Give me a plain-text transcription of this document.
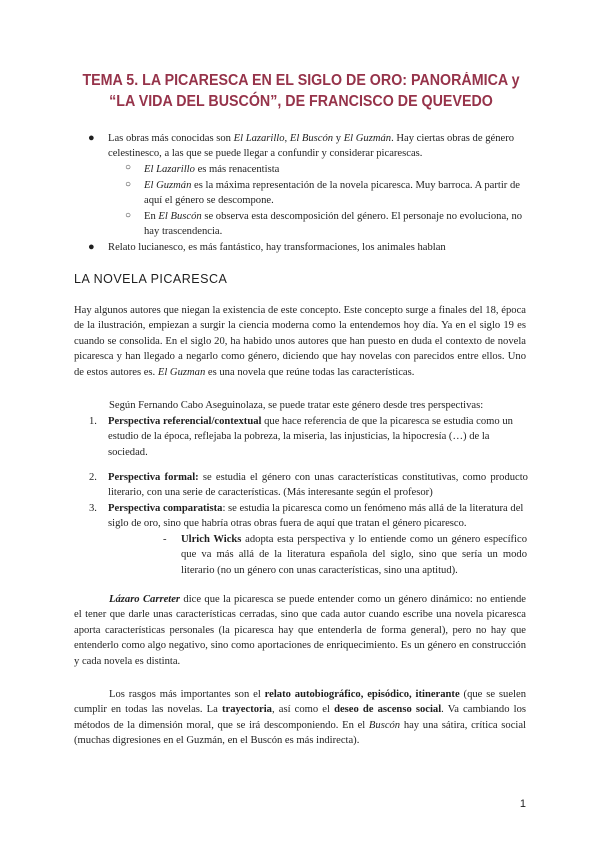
TEMA 5. LA PICARESCA EN EL SIGLO DE ORO: PANORÁMICA y “LA VIDA DEL BUSCÓN”, DE FRANCISCO DE QUEVEDO
● Las obras más conocidas son El Lazarillo, El Buscón y El Guzmán. Hay ciertas obras de género celestinesco, a las que se puede llegar a confundir y considerar picarescas.
○ El Lazarillo es más renacentista
○ El Guzmán es la máxima representación de la novela picaresca. Muy barroca. A partir de aquí el género se descompone.
○ En El Buscón se observa esta descomposición del género. El personaje no evoluciona, no hay trascendencia.
● Relato lucianesco, es más fantástico, hay transformaciones, los animales hablan
LA NOVELA PICARESCA
Hay algunos autores que niegan la existencia de este concepto. Este concepto surge a finales del 18, época de la ilustración, empiezan a surgir la ciencia moderna como la entendemos hoy día. Ya en el siglo 19 es cuando se consolida. En el siglo 20, ha habido unos autores que han puesto en duda el contexto de novela picaresca y han llegado a negarlo como género, diciendo que hay novelas con parecidos entre ellos. Uno de estos autores es. El Guzman es una novela que reúne todas las características.
Según Fernando Cabo Aseguinolaza, se puede tratar este género desde tres perspectivas:
1. Perspectiva referencial/contextual que hace referencia de que la picaresca se estudia como un estudio de la época, reflejaba la pobreza, la miseria, las injusticias, la hipocresía (…) de la sociedad.
2. Perspectiva formal: se estudia el género con unas características constitutivas, como producto literario, con una serie de características. (Más interesante según el profesor)
3. Perspectiva comparatista: se estudia la picaresca como un fenómeno más allá de la literatura del siglo de oro, sino que habría otras obras fuera de aquí que tratan el género picaresco.
- Ulrich Wicks adopta esta perspectiva y lo entiende como un género específico que va más allá de la literatura española del siglo, sino que sería un modo literario (no un género con unas características, sino una aptitud).
Lázaro Carreter dice que la picaresca se puede entender como un género dinámico: no entiende el tener que darle unas características cerradas, sino que cada autor cuando escribe una novela picaresca aporta características personales (la picaresca hay que entenderla de forma general), pero no hay que entenderlo como algo negativo, sino como aportaciones de enriquecimiento. Es un género en construcción y cada novela es distinta.
Los rasgos más importantes son el relato autobiográfico, episódico, itinerante (que se suelen cumplir en todas las novelas. La trayectoria, así como el deseo de ascenso social. Va cambiando los métodos de la dimensión moral, que se irá descomponiendo. En el Buscón hay una sátira, crítica social (muchas digresiones en el Guzmán, en el Buscón es más indirecta).
1
